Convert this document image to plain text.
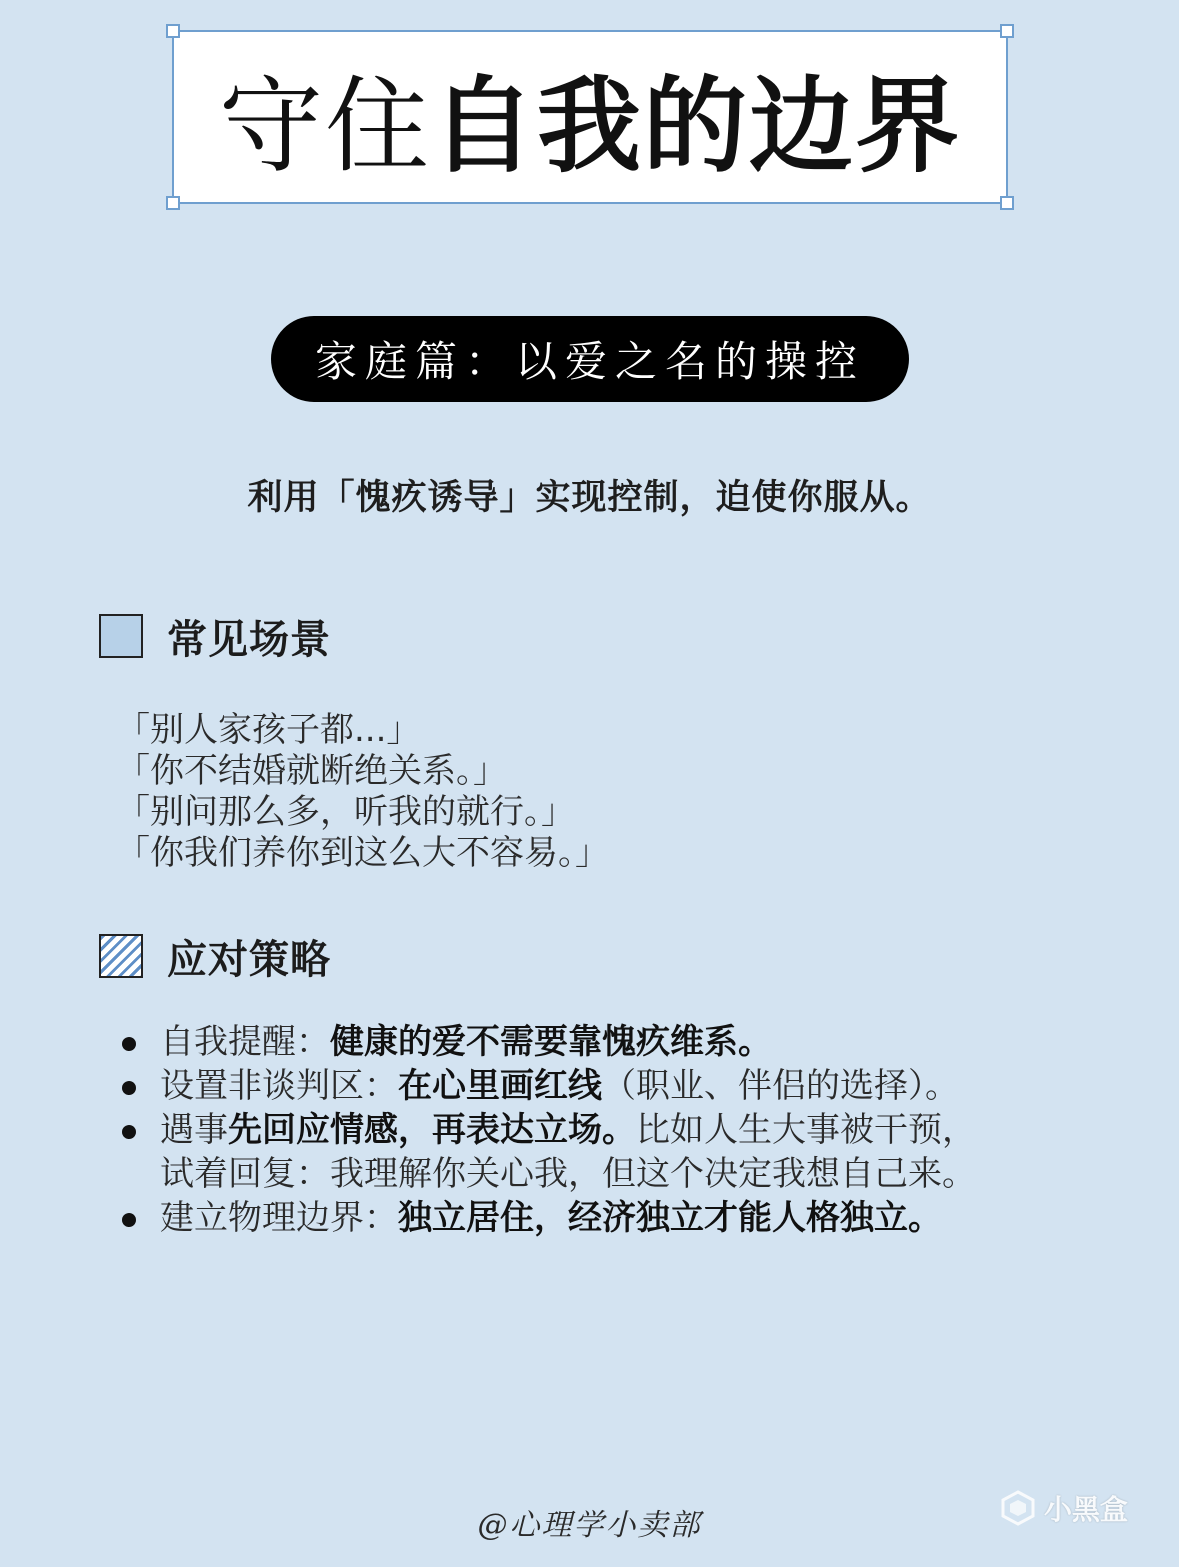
守住自我的边界
家庭篇：以爱之名的操控
利用「愧疚诱导」实现控制，迫使你服从。
常见场景
「别人家孩子都...」
「你不结婚就断绝关系。」
「别问那么多，听我的就行。」
「你我们养你到这么大不容易。」
应对策略
自我提醒：健康的爱不需要靠愧疚维系。
设置非谈判区：在心里画红线（职业、伴侣的选择）。
遇事先回应情感，再表达立场。比如人生大事被干预，
试着回复：我理解你关心我，但这个决定我想自己来。
建立物理边界：独立居住，经济独立才能人格独立。
@心理学小卖部	小黑盒
